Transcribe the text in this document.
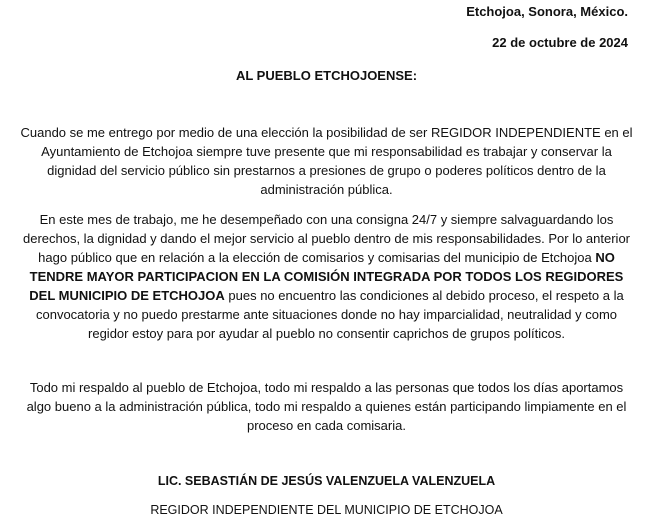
Etchojoa, Sonora, México.
22 de octubre de 2024
AL PUEBLO ETCHOJOENSE:

Cuando se me entrego por medio de una elección la posibilidad de ser REGIDOR INDEPENDIENTE en el Ayuntamiento de Etchojoa siempre tuve presente que mi responsabilidad es trabajar y conservar la dignidad del servicio público sin prestarnos a presiones de grupo o poderes políticos dentro de la administración pública.

En este mes de trabajo, me he desempeñado con una consigna 24/7 y siempre salvaguardando los derechos, la dignidad y dando el mejor servicio al pueblo dentro de mis responsabilidades. Por lo anterior hago público que en relación a la elección de comisarios y comisarias del municipio de Etchojoa NO TENDRE MAYOR PARTICIPACION EN LA COMISIÓN INTEGRADA POR TODOS LOS REGIDORES DEL MUNICIPIO DE ETCHOJOA pues no encuentro las condiciones al debido proceso, el respeto a la convocatoria y no puedo prestarme ante situaciones donde no hay imparcialidad, neutralidad y como regidor estoy para por ayudar al pueblo no consentir caprichos de grupos políticos.

Todo mi respaldo al pueblo de Etchojoa, todo mi respaldo a las personas que todos los días aportamos algo bueno a la administración pública, todo mi respaldo a quienes están participando limpiamente en el proceso en cada comisaria.

LIC. SEBASTIÁN DE JESÚS VALENZUELA VALENZUELA
REGIDOR INDEPENDIENTE DEL MUNICIPIO DE ETCHOJOA
